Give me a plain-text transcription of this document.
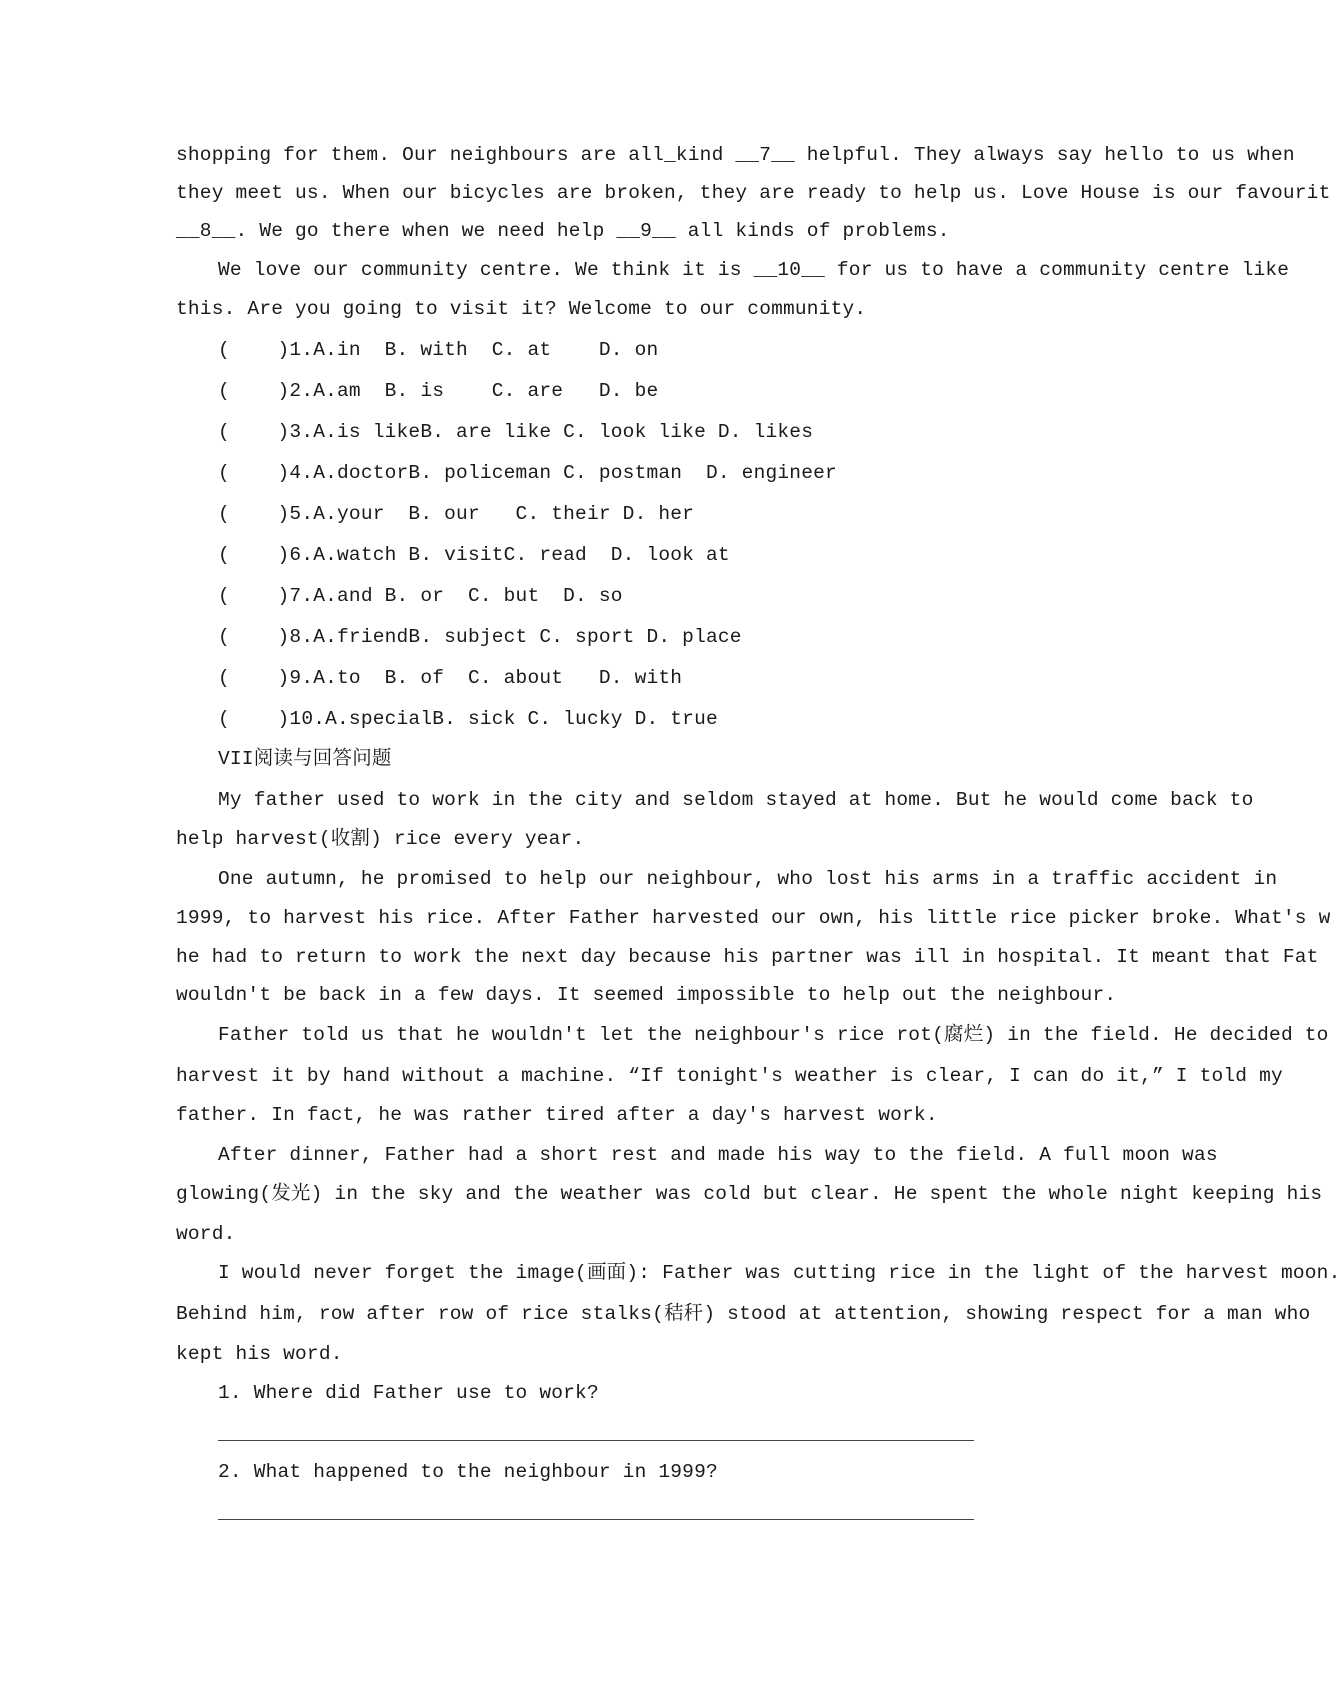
shopping for them. Our neighbours are all_kind __7__ helpful. They always say hello to us when
they meet us. When our bicycles are broken, they are ready to help us. Love House is our favourit
__8__. We go there when we need help __9__ all kinds of problems.
We love our community centre. We think it is __10__ for us to have a community centre like
this. Are you going to visit it? Welcome to our community.
(    )1.A.in  B. with  C. at    D. on
(    )2.A.am  B. is    C. are   D. be
(    )3.A.is likeB. are like C. look like D. likes
(    )4.A.doctorB. policeman C. postman  D. engineer
(    )5.A.your  B. our   C. their D. her
(    )6.A.watch B. visitC. read  D. look at
(    )7.A.and B. or  C. but  D. so
(    )8.A.friendB. subject C. sport D. place
(    )9.A.to  B. of  C. about   D. with
(    )10.A.specialB. sick C. lucky D. true
VII阅读与回答问题
My father used to work in the city and seldom stayed at home. But he would come back to
help harvest(收割) rice every year.
One autumn, he promised to help our neighbour, who lost his arms in a traffic accident in
1999, to harvest his rice. After Father harvested our own, his little rice picker broke. What's w
he had to return to work the next day because his partner was ill in hospital. It meant that Fat
wouldn't be back in a few days. It seemed impossible to help out the neighbour.
Father told us that he wouldn't let the neighbour's rice rot(腐烂) in the field. He decided to
harvest it by hand without a machine. “If tonight's weather is clear, I can do it,” I told my
father. In fact, he was rather tired after a day's harvest work.
After dinner, Father had a short rest and made his way to the field. A full moon was
glowing(发光) in the sky and the weather was cold but clear. He spent the whole night keeping his
word.
I would never forget the image(画面): Father was cutting rice in the light of the harvest moon.
Behind him, row after row of rice stalks(秸秆) stood at attention, showing respect for a man who
kept his word.
1. Where did Father use to work?
2. What happened to the neighbour in 1999?
